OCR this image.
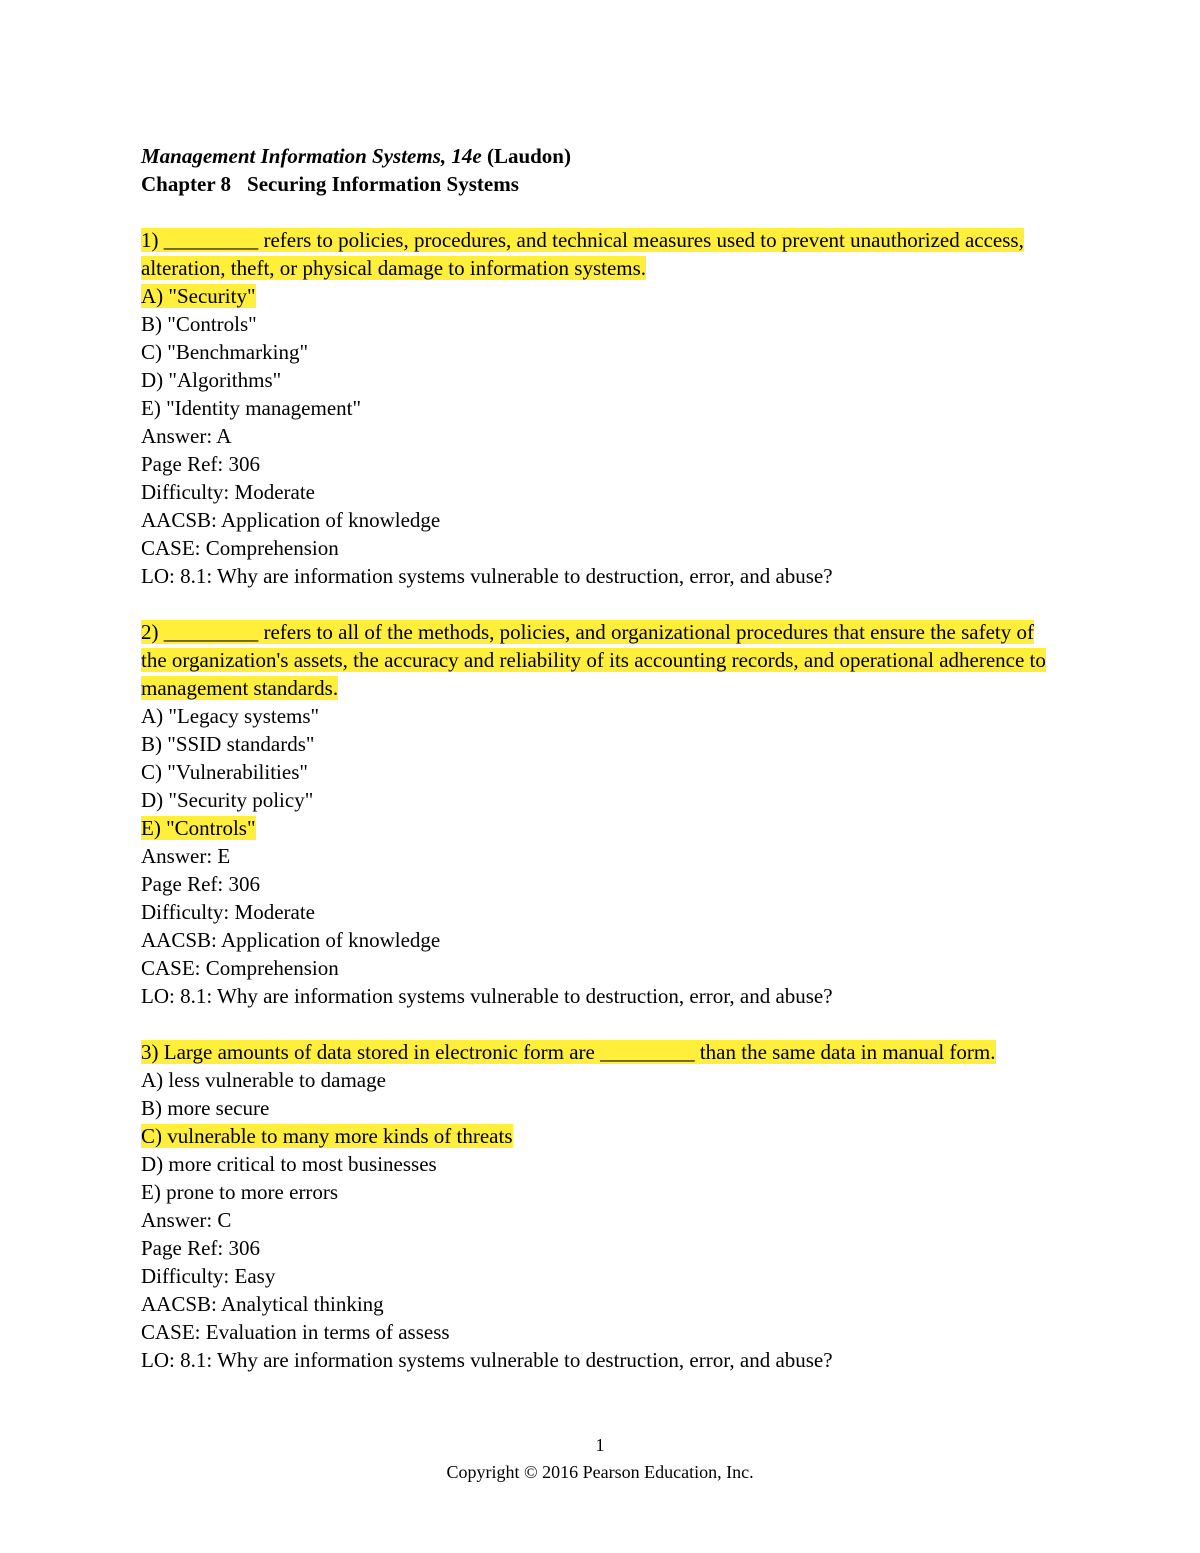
Management Information Systems, 14e (Laudon)
Chapter 8 Securing Information Systems
1) _________ refers to policies, procedures, and technical measures used to prevent unauthorized access, alteration, theft, or physical damage to information systems.
A) "Security"
B) "Controls"
C) "Benchmarking"
D) "Algorithms"
E) "Identity management"
Answer: A
Page Ref: 306
Difficulty: Moderate
AACSB: Application of knowledge
CASE: Comprehension
LO: 8.1: Why are information systems vulnerable to destruction, error, and abuse?
2) _________ refers to all of the methods, policies, and organizational procedures that ensure the safety of the organization's assets, the accuracy and reliability of its accounting records, and operational adherence to management standards.
A) "Legacy systems"
B) "SSID standards"
C) "Vulnerabilities"
D) "Security policy"
E) "Controls"
Answer: E
Page Ref: 306
Difficulty: Moderate
AACSB: Application of knowledge
CASE: Comprehension
LO: 8.1: Why are information systems vulnerable to destruction, error, and abuse?
3) Large amounts of data stored in electronic form are _________ than the same data in manual form.
A) less vulnerable to damage
B) more secure
C) vulnerable to many more kinds of threats
D) more critical to most businesses
E) prone to more errors
Answer: C
Page Ref: 306
Difficulty: Easy
AACSB: Analytical thinking
CASE: Evaluation in terms of assess
LO: 8.1: Why are information systems vulnerable to destruction, error, and abuse?
1
Copyright © 2016 Pearson Education, Inc.
